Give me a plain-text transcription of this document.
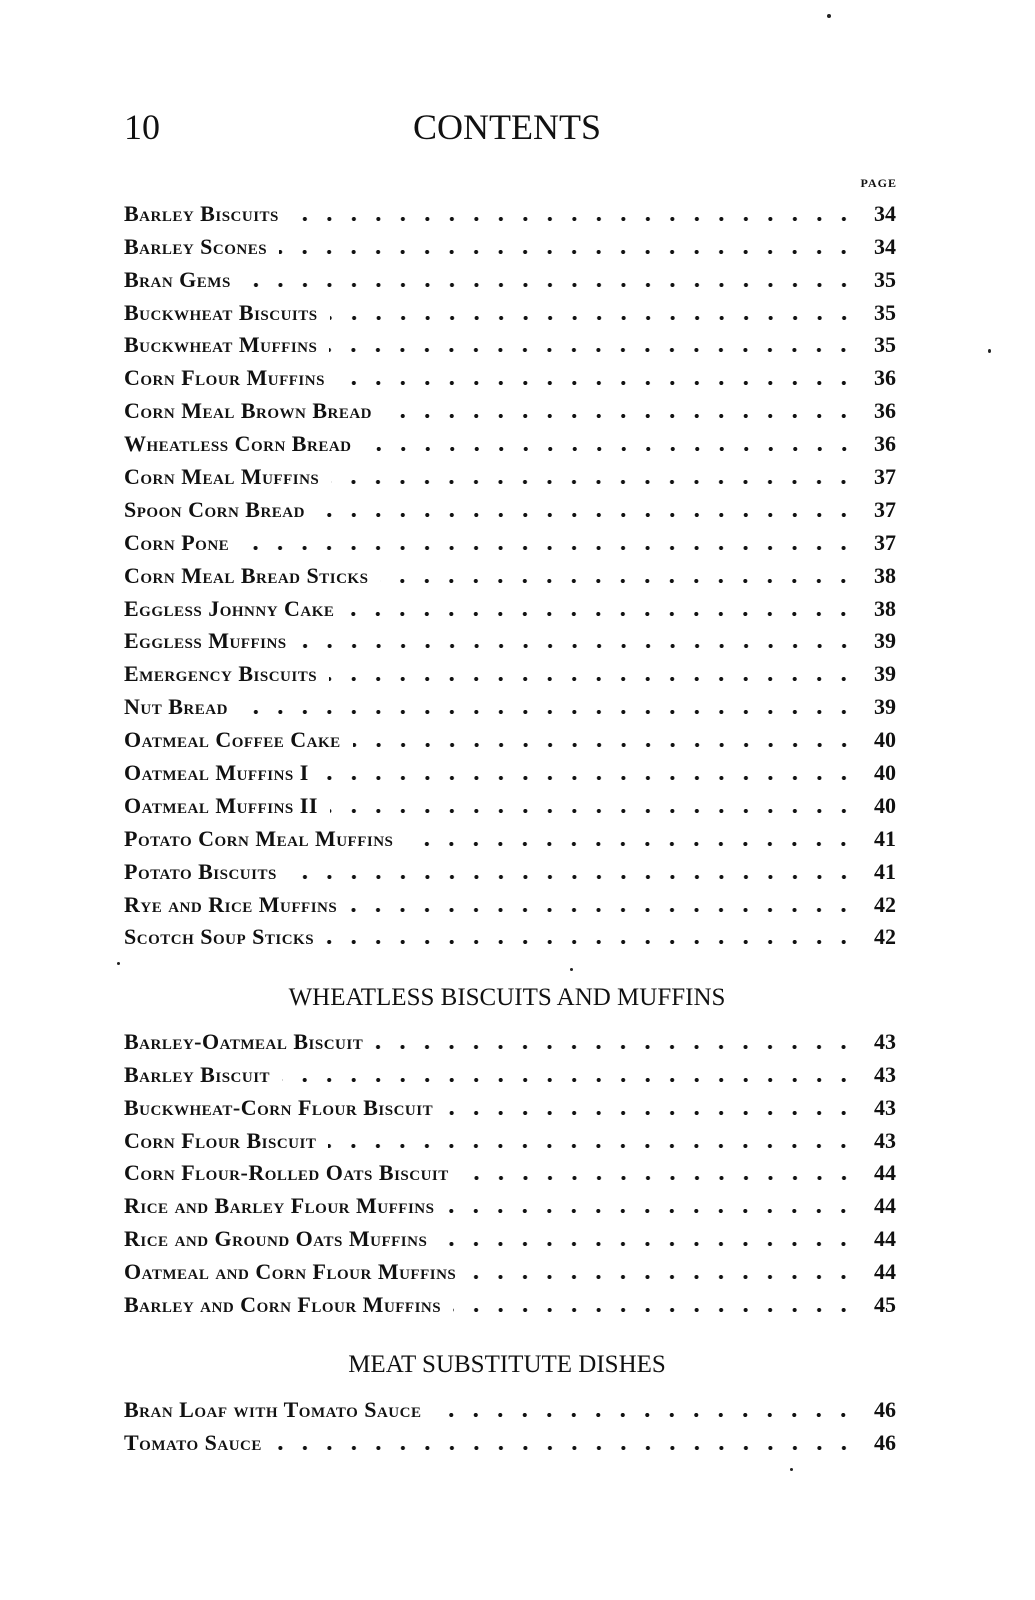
10	CONTENTS
PAGE
Barley Biscuits	34
Barley Scones	34
Bran Gems	35
Buckwheat Biscuits	35
Buckwheat Muffins	35
Corn Flour Muffins	36
Corn Meal Brown Bread	36
Wheatless Corn Bread	36
Corn Meal Muffins	37
Spoon Corn Bread	37
Corn Pone	37
Corn Meal Bread Sticks	38
Eggless Johnny Cake	38
Eggless Muffins	39
Emergency Biscuits	39
Nut Bread	39
Oatmeal Coffee Cake	40
Oatmeal Muffins I	40
Oatmeal Muffins II	40
Potato Corn Meal Muffins	41
Potato Biscuits	41
Rye and Rice Muffins	42
Scotch Soup Sticks	42
WHEATLESS BISCUITS AND MUFFINS
Barley-Oatmeal Biscuit	43
Barley Biscuit	43
Buckwheat-Corn Flour Biscuit	43
Corn Flour Biscuit	43
Corn Flour-Rolled Oats Biscuit	44
Rice and Barley Flour Muffins	44
Rice and Ground Oats Muffins	44
Oatmeal and Corn Flour Muffins	44
Barley and Corn Flour Muffins	45
MEAT SUBSTITUTE DISHES
Bran Loaf with Tomato Sauce	46
Tomato Sauce	46
